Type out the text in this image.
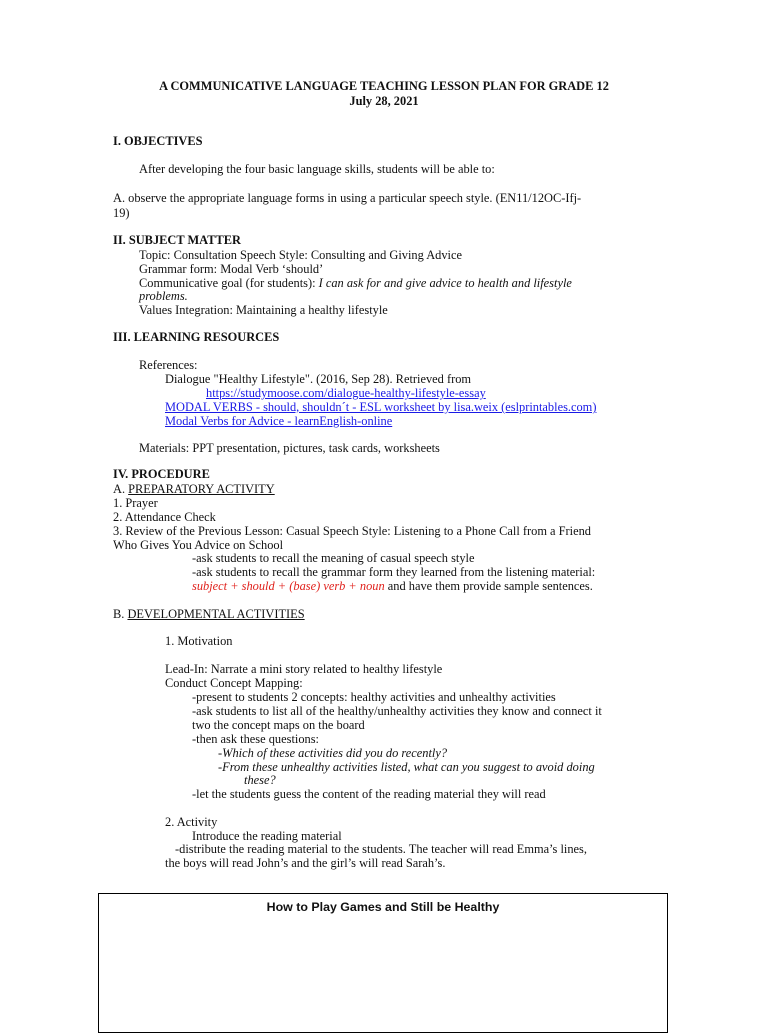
A COMMUNICATIVE LANGUAGE TEACHING LESSON PLAN FOR GRADE 12
July 28, 2021
I. OBJECTIVES
After developing the four basic language skills, students will be able to:
A. observe the appropriate language forms in using a particular speech style. (EN11/12OC-Ifj-
19)
II. SUBJECT MATTER
Topic: Consultation Speech Style: Consulting and Giving Advice
Grammar form: Modal Verb ‘should’
Communicative goal (for students): I can ask for and give advice to health and lifestyle
problems.
Values Integration: Maintaining a healthy lifestyle
III. LEARNING RESOURCES
References:
Dialogue "Healthy Lifestyle". (2016, Sep 28). Retrieved from
https://studymoose.com/dialogue-healthy-lifestyle-essay
MODAL VERBS - should, shouldn´t - ESL worksheet by lisa.weix (eslprintables.com)
Modal Verbs for Advice - learnEnglish-online
Materials: PPT presentation, pictures, task cards, worksheets
IV. PROCEDURE
A. PREPARATORY ACTIVITY
1. Prayer
2. Attendance Check
3. Review of the Previous Lesson: Casual Speech Style: Listening to a Phone Call from a Friend
Who Gives You Advice on School
-ask students to recall the meaning of casual speech style
-ask students to recall the grammar form they learned from the listening material:
subject + should + (base) verb + noun and have them provide sample sentences.
B. DEVELOPMENTAL ACTIVITIES
1. Motivation
Lead-In: Narrate a mini story related to healthy lifestyle
Conduct Concept Mapping:
-present to students 2 concepts: healthy activities and unhealthy activities
-ask students to list all of the healthy/unhealthy activities they know and connect it
two the concept maps on the board
-then ask these questions:
-Which of these activities did you do recently?
-From these unhealthy activities listed, what can you suggest to avoid doing
these?
-let the students guess the content of the reading material they will read
2. Activity
Introduce the reading material
-distribute the reading material to the students. The teacher will read Emma’s lines,
the boys will read John’s and the girl’s will read Sarah’s.
How to Play Games and Still be Healthy
